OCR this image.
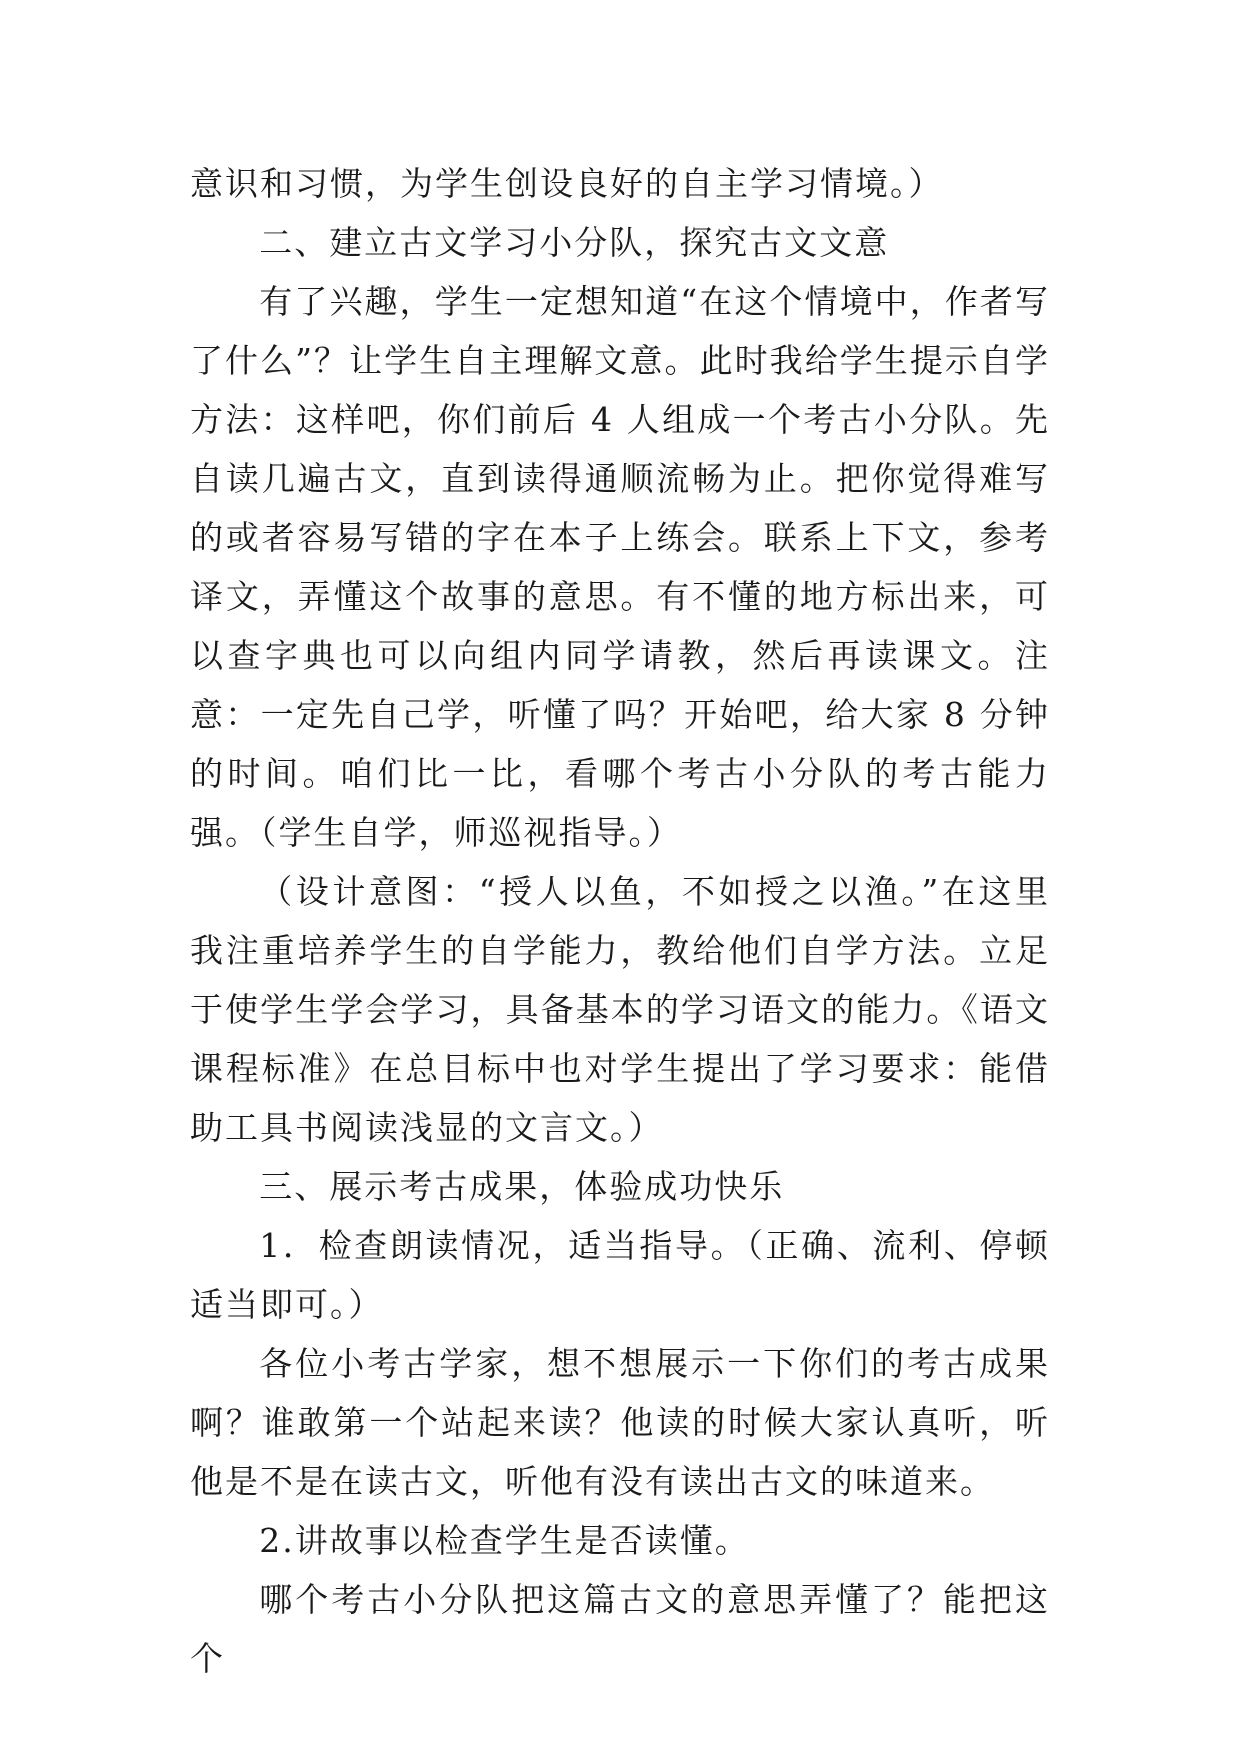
意识和习惯，为学生创设良好的自主学习情境。）

二、建立古文学习小分队，探究古文文意

有了兴趣，学生一定想知道“在这个情境中，作者写了什么”？让学生自主理解文意。此时我给学生提示自学方法：这样吧，你们前后 4 人组成一个考古小分队。先自读几遍古文，直到读得通顺流畅为止。把你觉得难写的或者容易写错的字在本子上练会。联系上下文，参考译文，弄懂这个故事的意思。有不懂的地方标出来，可以查字典也可以向组内同学请教，然后再读课文。注意：一定先自己学，听懂了吗？开始吧，给大家 8 分钟的时间。咱们比一比，看哪个考古小分队的考古能力强。（学生自学，师巡视指导。）

（设计意图：“授人以鱼，不如授之以渔。”在这里我注重培养学生的自学能力，教给他们自学方法。立足于使学生学会学习，具备基本的学习语文的能力。《语文课程标准》在总目标中也对学生提出了学习要求：能借助工具书阅读浅显的文言文。）

三、展示考古成果，体验成功快乐

1．检查朗读情况，适当指导。（正确、流利、停顿适当即可。）

各位小考古学家，想不想展示一下你们的考古成果啊？谁敢第一个站起来读？他读的时候大家认真听，听他是不是在读古文，听他有没有读出古文的味道来。

2.讲故事以检查学生是否读懂。

哪个考古小分队把这篇古文的意思弄懂了？能把这个
